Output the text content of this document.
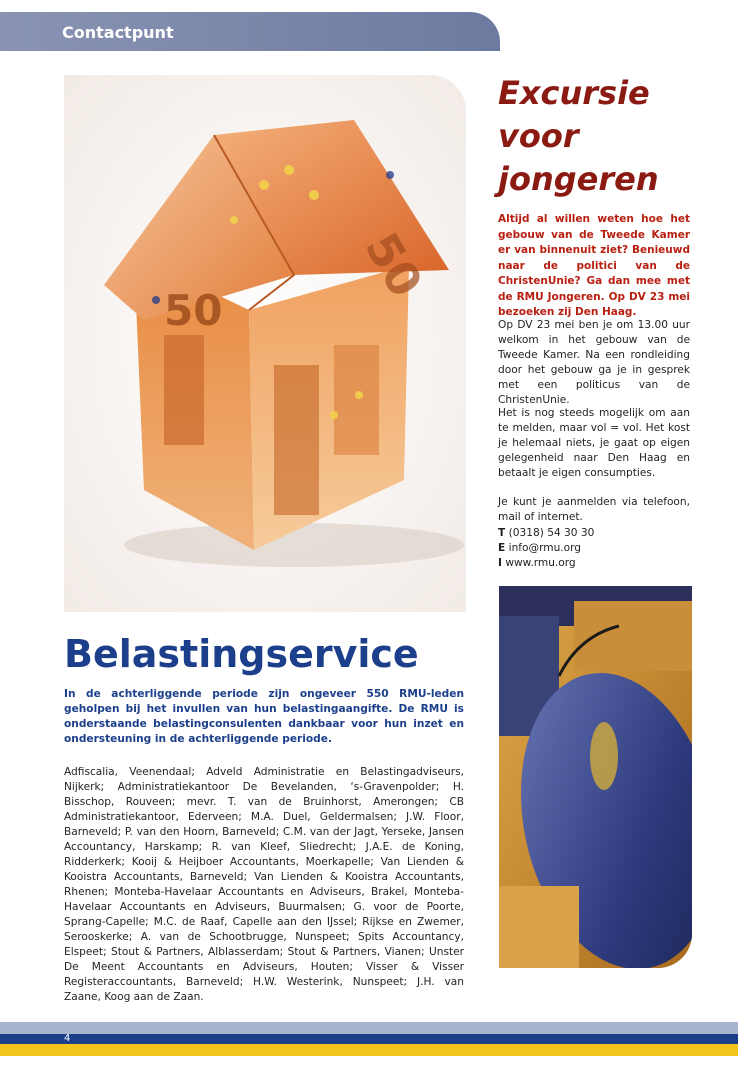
Contactpunt
50
50
Excursie
voor
jongeren
Altijd al willen weten hoe het gebouw van de Tweede Kamer er van binnenuit ziet? Benieuwd naar de politici van de ChristenUnie? Ga dan mee met de RMU Jongeren. Op DV 23 mei bezoeken zij Den Haag.
Op DV 23 mei ben je om 13.00 uur welkom in het gebouw van de Tweede Kamer. Na een rondleiding door het gebouw ga je in gesprek met een politicus van de ChristenUnie.
Het is nog steeds mogelijk om aan te melden, maar vol = vol. Het kost je helemaal niets, je gaat op eigen gelegenheid naar Den Haag en betaalt je eigen consumpties.
Je kunt je aanmelden via telefoon, mail of internet.
T (0318) 54 30 30
E info@rmu.org
I www.rmu.org
Belastingservice
In de achterliggende periode zijn ongeveer 550 RMU-leden geholpen bij het invullen van hun belastingaangifte. De RMU is onderstaande belastingconsulenten dankbaar voor hun inzet en ondersteuning in de achterliggende periode.
Adfiscalia, Veenendaal; Adveld Administratie en Belastingadviseurs, Nijkerk; Administratiekantoor De Bevelanden, ‘s-Gravenpolder; H. Bisschop, Rouveen; mevr. T. van de Bruinhorst, Amerongen; CB Administratiekantoor, Ederveen; M.A. Duel, Geldermalsen; J.W. Floor, Barneveld; P. van den Hoorn, Barneveld; C.M. van der Jagt, Yerseke, Jansen Accountancy, Harskamp; R. van Kleef, Sliedrecht; J.A.E. de Koning, Ridderkerk; Kooij & Heijboer Accountants, Moerkapelle; Van Lienden & Kooistra Accountants, Barneveld; Van Lienden & Kooistra Accountants, Rhenen; Monteba-Havelaar Accountants en Adviseurs, Brakel, Monteba-Havelaar Accountants en Adviseurs, Buurmalsen; G. voor de Poorte, Sprang-Capelle; M.C. de Raaf, Capelle aan den IJssel; Rijkse en Zwemer, Serooskerke; A. van de Schootbrugge, Nunspeet; Spits Accountancy, Elspeet; Stout & Partners, Alblasserdam; Stout & Partners, Vianen; Unster De Meent Accountants en Adviseurs, Houten; Visser & Visser Registeraccountants, Barneveld; H.W. Westerink, Nunspeet; J.H. van Zaane, Koog aan de Zaan.
4
